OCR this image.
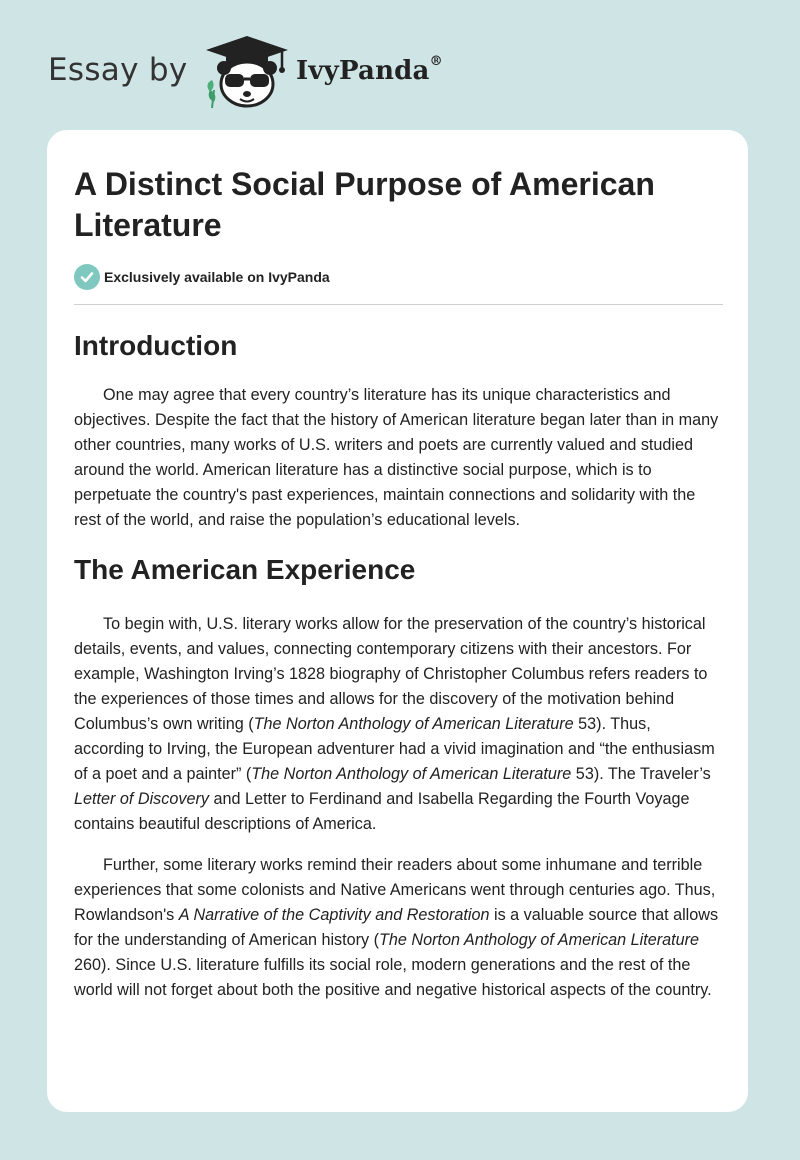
Essay by	IvyPanda®
A Distinct Social Purpose of American Literature
Exclusively available on IvyPanda
Introduction

One may agree that every country’s literature has its unique characteristics and objectives. Despite the fact that the history of American literature began later than in many other countries, many works of U.S. writers and poets are currently valued and studied around the world. American literature has a distinctive social purpose, which is to perpetuate the country's past experiences, maintain connections and solidarity with the rest of the world, and raise the population’s educational levels.

The American Experience

To begin with, U.S. literary works allow for the preservation of the country’s historical details, events, and values, connecting contemporary citizens with their ancestors. For example, Washington Irving’s 1828 biography of Christopher Columbus refers readers to the experiences of those times and allows for the discovery of the motivation behind Columbus’s own writing (The Norton Anthology of American Literature 53). Thus, according to Irving, the European adventurer had a vivid imagination and “the enthusiasm of a poet and a painter” (The Norton Anthology of American Literature 53). The Traveler’s Letter of Discovery and Letter to Ferdinand and Isabella Regarding the Fourth Voyage contains beautiful descriptions of America.

Further, some literary works remind their readers about some inhumane and terrible experiences that some colonists and Native Americans went through centuries ago. Thus, Rowlandson's A Narrative of the Captivity and Restoration is a valuable source that allows for the understanding of American history (The Norton Anthology of American Literature 260). Since U.S. literature fulfills its social role, modern generations and the rest of the world will not forget about both the positive and negative historical aspects of the country.
